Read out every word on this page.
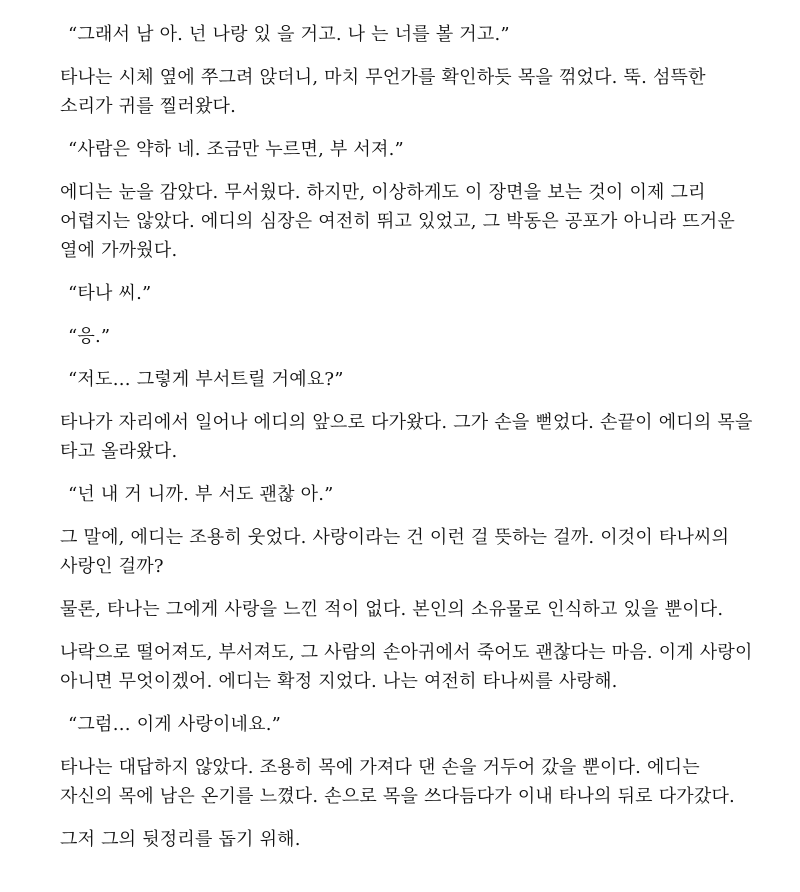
“그래서 남 아. 넌 나랑 있 을 거고. 나 는 너를 볼 거고.”

타나는 시체 옆에 쭈그려 앉더니, 마치 무언가를 확인하듯 목을 꺾었다. 뚝. 섬뜩한 소리가 귀를 찔러왔다.

“사람은 약하 네. 조금만 누르면, 부 서져.”

에디는 눈을 감았다. 무서웠다. 하지만, 이상하게도 이 장면을 보는 것이 이제 그리 어렵지는 않았다. 에디의 심장은 여전히 뛰고 있었고, 그 박동은 공포가 아니라 뜨거운 열에 가까웠다.

“타나 씨.”

“응.”

“저도… 그렇게 부서트릴 거예요?”

타나가 자리에서 일어나 에디의 앞으로 다가왔다. 그가 손을 뻗었다. 손끝이 에디의 목을 타고 올라왔다.

“넌 내 거 니까. 부 서도 괜찮 아.”

그 말에, 에디는 조용히 웃었다. 사랑이라는 건 이런 걸 뜻하는 걸까. 이것이 타나씨의 사랑인 걸까?

물론, 타나는 그에게 사랑을 느낀 적이 없다. 본인의 소유물로 인식하고 있을 뿐이다.

나락으로 떨어져도, 부서져도, 그 사람의 손아귀에서 죽어도 괜찮다는 마음. 이게 사랑이 아니면 무엇이겠어. 에디는 확정 지었다. 나는 여전히 타나씨를 사랑해.

“그럼… 이게 사랑이네요.”

타나는 대답하지 않았다. 조용히 목에 가져다 댄 손을 거두어 갔을 뿐이다. 에디는 자신의 목에 남은 온기를 느꼈다. 손으로 목을 쓰다듬다가 이내 타나의 뒤로 다가갔다.

그저 그의 뒷정리를 돕기 위해.
